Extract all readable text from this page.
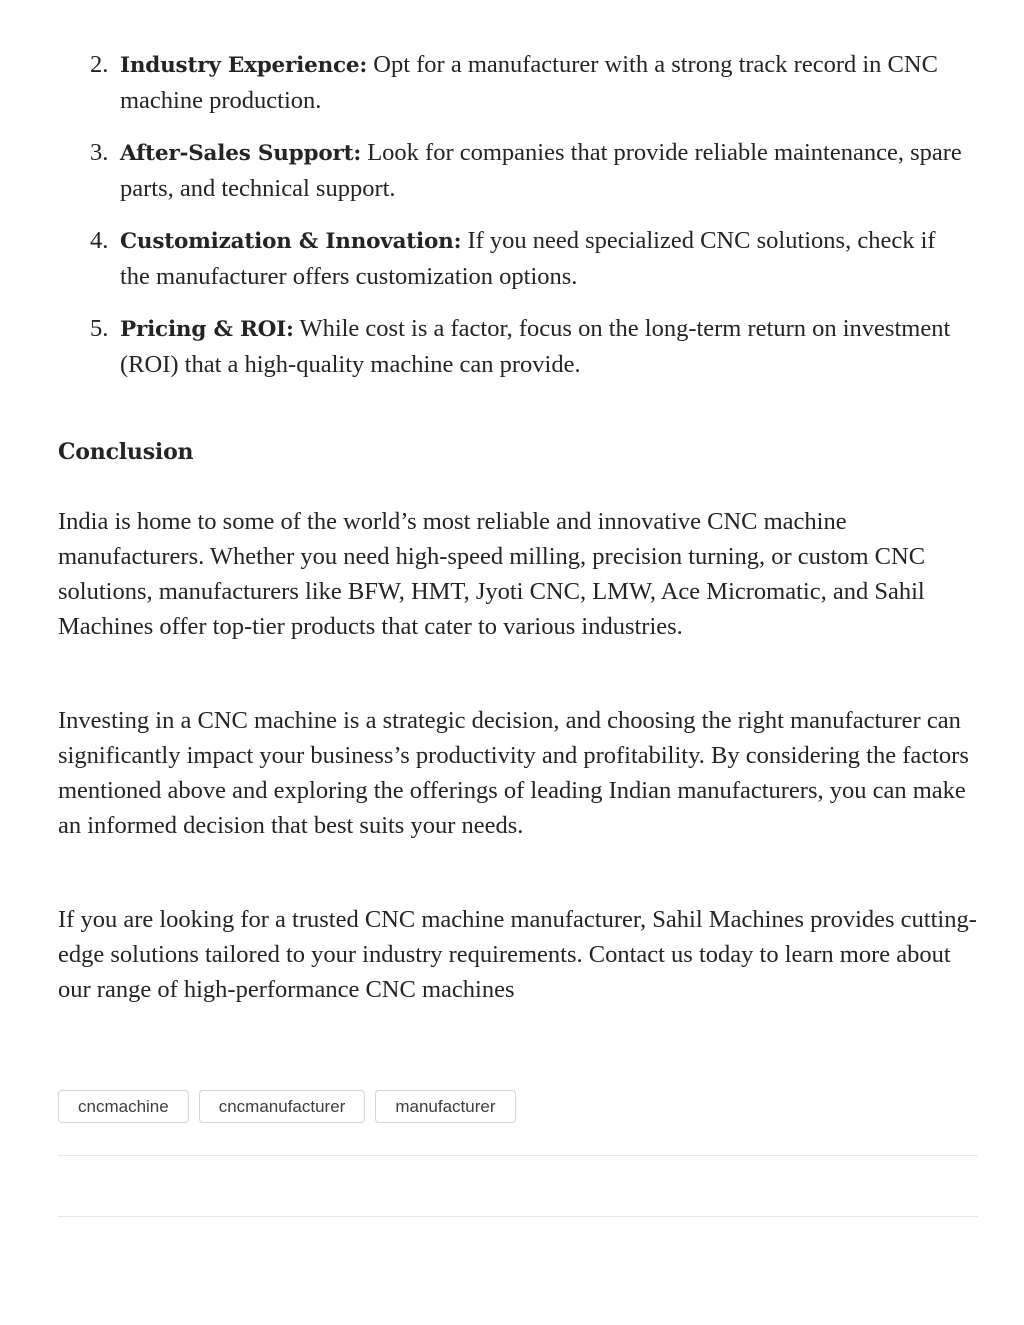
2. Industry Experience: Opt for a manufacturer with a strong track record in CNC machine production.
3. After-Sales Support: Look for companies that provide reliable maintenance, spare parts, and technical support.
4. Customization & Innovation: If you need specialized CNC solutions, check if the manufacturer offers customization options.
5. Pricing & ROI: While cost is a factor, focus on the long-term return on investment (ROI) that a high-quality machine can provide.
Conclusion

India is home to some of the world’s most reliable and innovative CNC machine manufacturers. Whether you need high-speed milling, precision turning, or custom CNC solutions, manufacturers like BFW, HMT, Jyoti CNC, LMW, Ace Micromatic, and Sahil Machines offer top-tier products that cater to various industries.

Investing in a CNC machine is a strategic decision, and choosing the right manufacturer can significantly impact your business’s productivity and profitability. By considering the factors mentioned above and exploring the offerings of leading Indian manufacturers, you can make an informed decision that best suits your needs.

If you are looking for a trusted CNC machine manufacturer, Sahil Machines provides cutting-edge solutions tailored to your industry requirements. Contact us today to learn more about our range of high-performance CNC machines

cncmachine	cncmanufacturer	manufacturer
